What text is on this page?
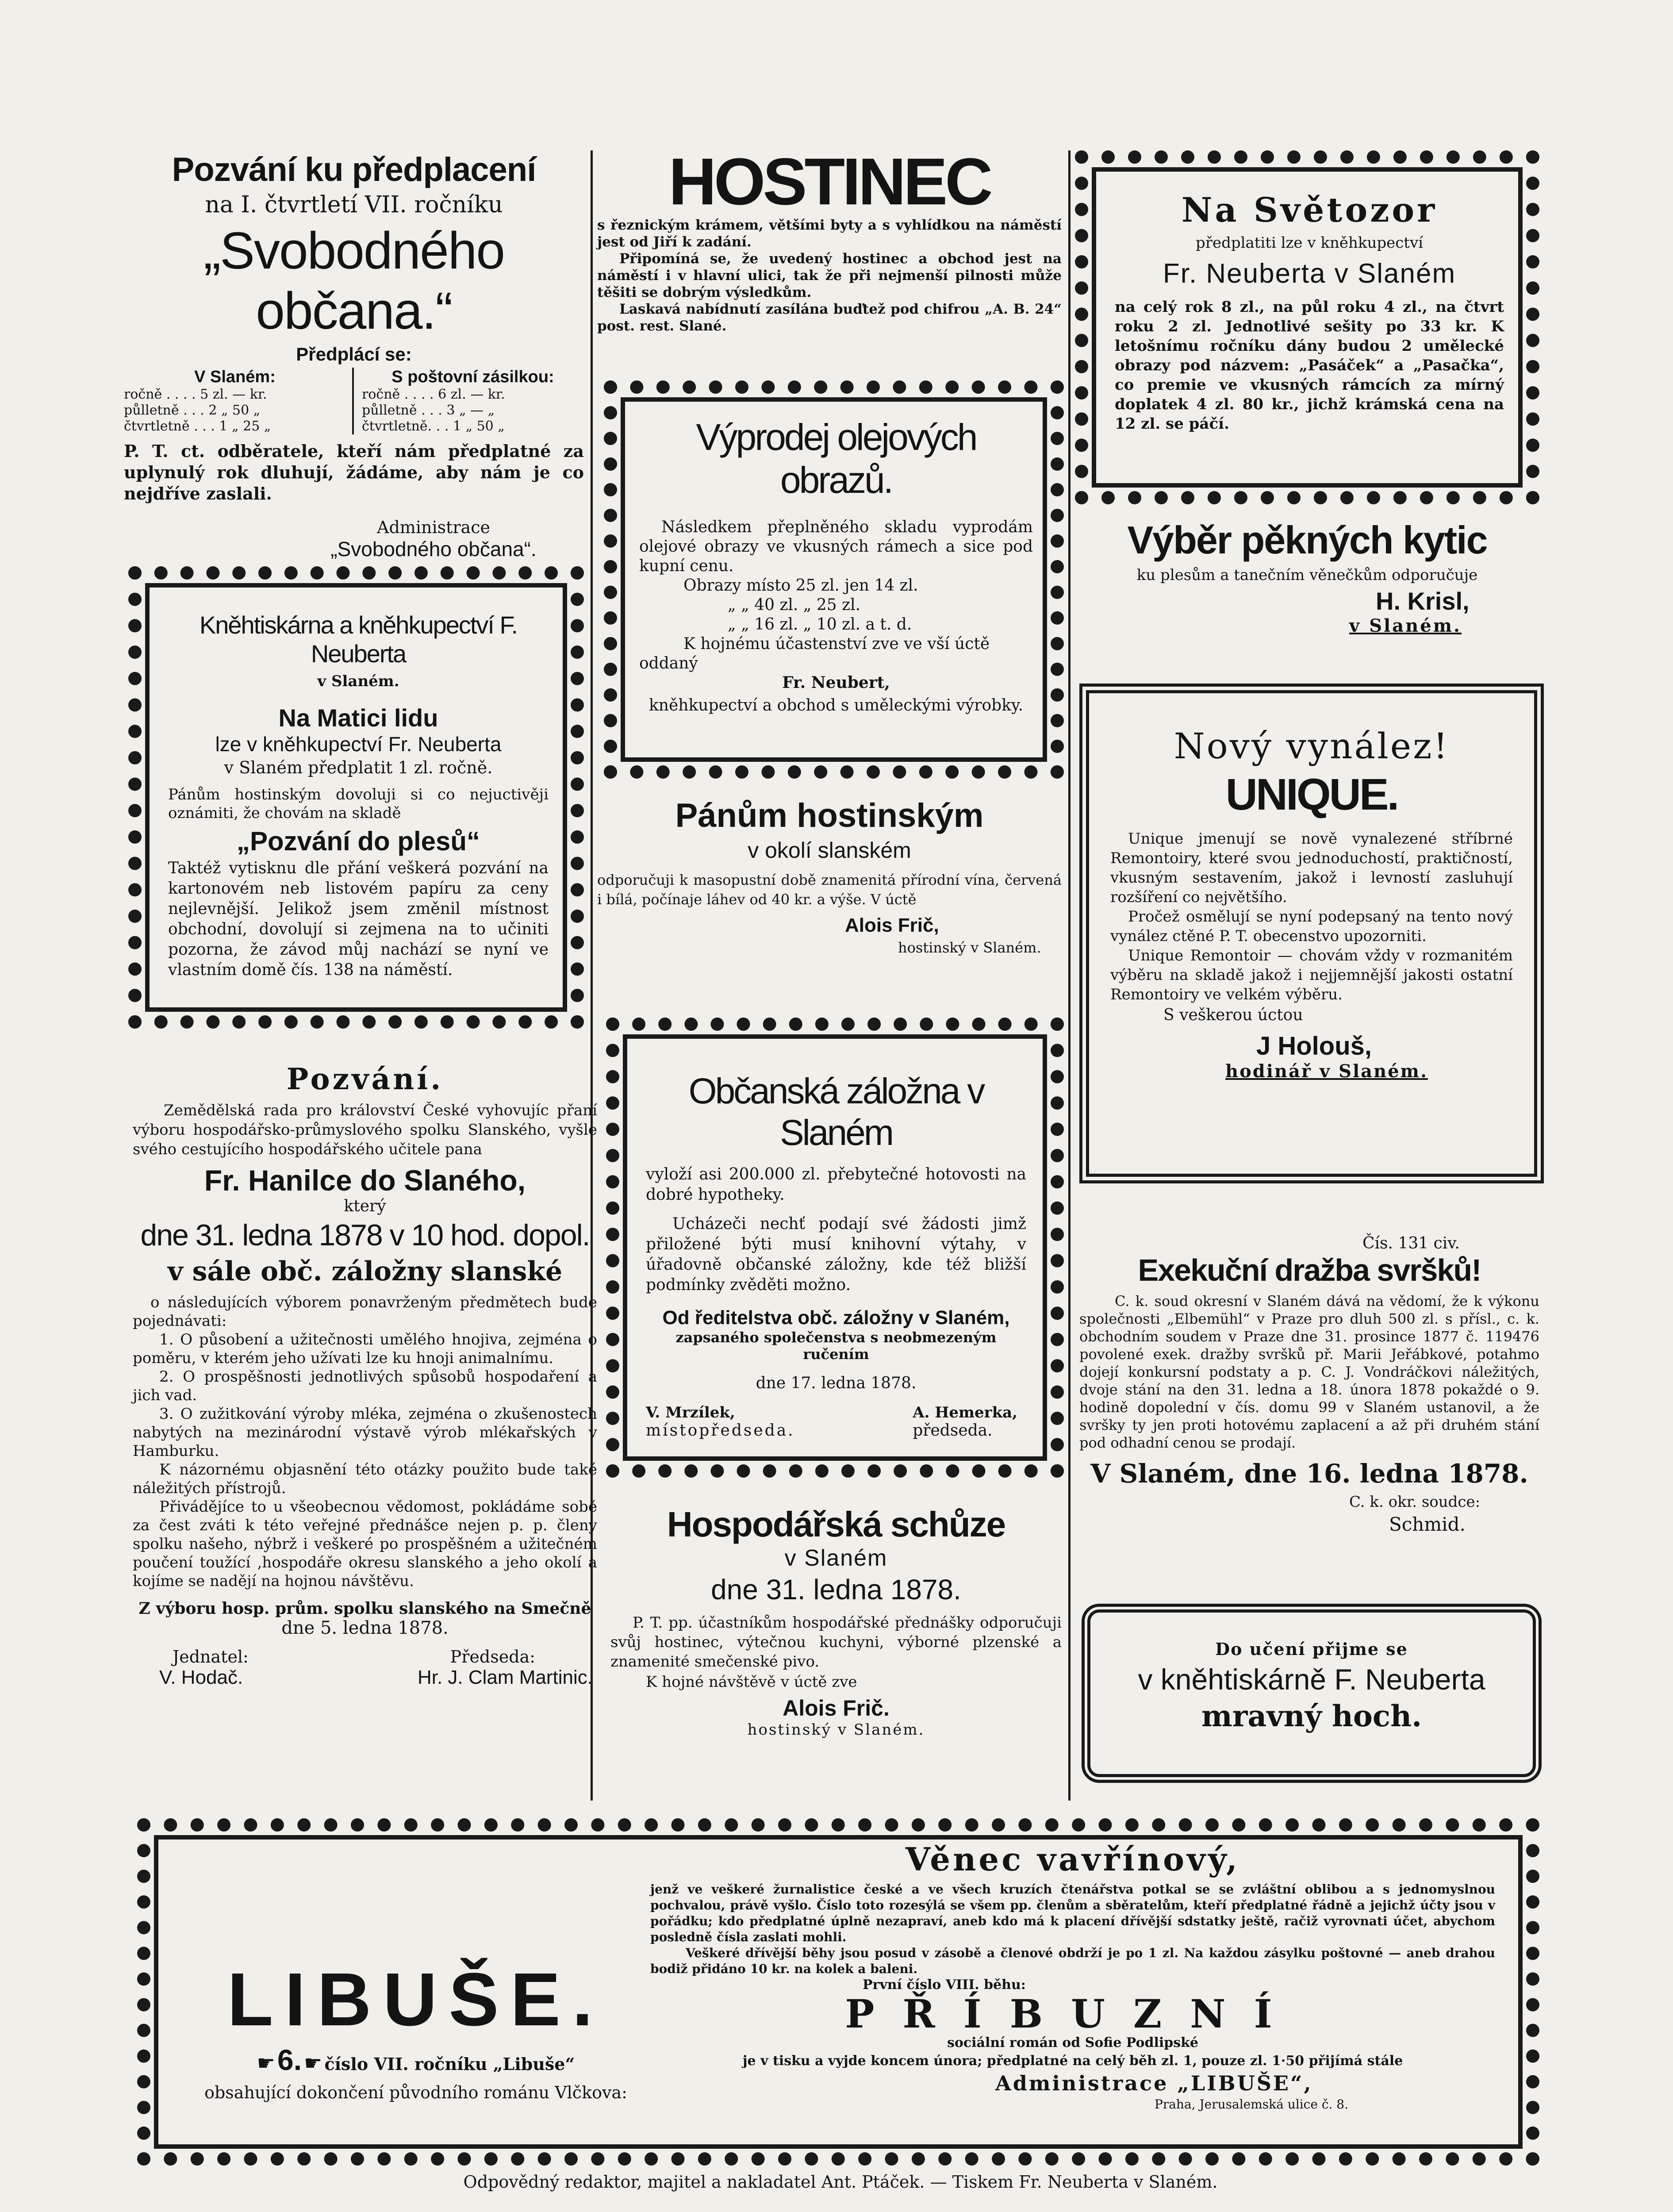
Pozvání ku předplacení
na I. čtvrtletí VII. ročníku
„Svobodného občana.“
Předplácí se:
V Slaném:
ročně . . . . 5 zl. — kr.
půlletně . . . 2 „ 50 „
čtvrtletně . . . 1 „ 25 „
S poštovní zásilkou:
ročně . . . . 6 zl. — kr.
půlletně . . . 3 „ — „
čtvrtletně. . . 1 „ 50 „

P. T. ct. odběratele, kteří nám předplatné za uplynulý rok dluhují, žádáme, aby nám je co nejdříve zaslali.

Administrace
„Svobodného občana“.
Kněhtiskárna a kněhkupectví F. Neuberta
v Slaném.
Na Matici lidu
lze v kněhkupectví Fr. Neuberta
v Slaném předplatit 1 zl. ročně.

Pánům hostinským dovoluji si co nejuctivěji oznámiti, že chovám na skladě

„Pozvání do plesů“

Taktéž vytisknu dle přání veškerá pozvání na kartonovém neb listovém papíru za ceny nejlevnější. Jelikož jsem změnil místnost obchodní, dovolují si zejmena na to učiniti pozorna, že závod můj nachází se nyní ve vlastním domě čís. 138 na náměstí.

Pozvání.

Zemědělská rada pro království České vyhovujíc přaní výboru hospodářsko-průmyslového spolku Slanského, vyšle svého cestujícího hospodářského učitele pana

Fr. Hanilce do Slaného,
který
dne 31. ledna 1878 v 10 hod. dopol.
v sále obč. záložny slanské

o následujících výborem ponavrženým předmětech bude pojednávati:

1. O působení a užitečnosti umělého hnojiva, zejména o poměru, v kterém jeho užívati lze ku hnoji animalnímu.

2. O prospěšnosti jednotlivých spůsobů hospodaření a jich vad.

3. O zužitkování výroby mléka, zejména o zkušenostech nabytých na mezinárodní výstavě výrob mlékařských v Hamburku.

K názornému objasnění této otázky použito bude také náležitých přístrojů.

Přivádějíce to u všeobecnou vědomost, pokládáme sobě za čest zváti k této veřejné přednášce nejen p. p. členy spolku našeho, nýbrž i veškeré po prospěšném a užitečném poučení toužící ,hospodáře okresu slanského a jeho okolí a kojíme se nadějí na hojnou návštěvu.

Z výboru hosp. prům. spolku slanského na Smečně
dne 5. ledna 1878.
Jednatel:	Předseda:
V. Hodač.	Hr. J. Clam Martinic.
HOSTINEC

s řeznickým krámem, většími byty a s vyhlídkou na náměstí jest od Jiří k zadání.

Připomíná se, že uvedený hostinec a obchod jest na náměstí i v hlavní ulici, tak že při nejmenší pilnosti může těšiti se dobrým výsledkům.

Laskavá nabídnutí zasílána buďtež pod chifrou „A. B. 24“ post. rest. Slané.

Výprodej olejových obrazů.

Následkem přeplněného skladu vyprodám olejové obrazy ve vkusných rámech a sice pod kupní cenu.

Obrazy místo 25 zl. jen 14 zl.
„ „ 40 zl. „ 25 zl.
„ „ 16 zl. „ 10 zl. a t. d.

K hojnému účastenství zve ve vší úctě oddaný

Fr. Neubert,
kněhkupectví a obchod s uměleckými výrobky.
Pánům hostinským
v okolí slanském

odporučuji k masopustní době znamenitá přírodní vína, červená i bílá, počínaje láhev od 40 kr. a výše. V úctě

Alois Frič,
hostinský v Slaném.
Občanská záložna v Slaném

vyloží asi 200.000 zl. přebytečné hotovosti na dobré hypotheky.

Ucházeči nechť podají své žádosti jimž přiložené býti musí knihovní výtahy, v úřadovně občanské záložny, kde též bližší podmínky zvěděti možno.

Od ředitelstva obč. záložny v Slaném,
zapsaného společenstva s neobmezeným ručením
dne 17. ledna 1878.
V. Mrzílek,
místopředseda.
A. Hemerka,
předseda.
Hospodářská schůze
v Slaném
dne 31. ledna 1878.

P. T. pp. účastníkům hospodářské přednášky odporučuji svůj hostinec, výtečnou kuchyni, výborné plzenské a znamenité smečenské pivo.

K hojné návštěvě v úctě zve
Alois Frič.
hostinský v Slaném.
Na Světozor
předplatiti lze v kněhkupectví
Fr. Neuberta v Slaném

na celý rok 8 zl., na půl roku 4 zl., na čtvrt roku 2 zl. Jednotlivé sešity po 33 kr. K letošnímu ročníku dány budou 2 umělecké obrazy pod názvem: „Pasáček“ a „Pasačka“, co premie ve vkusných rámcích za mírný doplatek 4 zl. 80 kr., jichž krámská cena na 12 zl. se páčí.

Výběr pěkných kytic
ku plesům a tanečním věnečkům odporučuje
H. Krisl,
v Slaném.
Nový vynález!
UNIQUE.

Unique jmenují se nově vynalezené stříbrné Remontoiry, které svou jednoduchostí, praktičností, vkusným sestavením, jakož i levností zasluhují rozšíření co největšího.

Pročež osmělují se nyní podepsaný na tento nový vynález ctěné P. T. obecenstvo upozorniti.

Unique Remontoir — chovám vždy v rozmanitém výběru na skladě jakož i nejjemnější jakosti ostatní Remontoiry ve velkém výběru.

S veškerou úctou
J Holouš,
hodinář v Slaném.
Čís. 131 civ.
Exekuční dražba svršků!

C. k. soud okresní v Slaném dává na vědomí, že k výkonu společnosti „Elbemühl“ v Praze pro dluh 500 zl. s přísl., c. k. obchodním soudem v Praze dne 31. prosince 1877 č. 119476 povolené exek. dražby svršků př. Marii Jeřábkové, potahmo dojejí konkursní podstaty a p. C. J. Vondráčkovi náležitých, dvoje stání na den 31. ledna a 18. února 1878 pokaždé o 9. hodině dopolední v čís. domu 99 v Slaném ustanovil, a že svršky ty jen proti hotovému zaplacení a až při druhém stání pod odhadní cenou se prodají.

V Slaném, dne 16. ledna 1878.
C. k. okr. soudce:
Schmid.
Do učení přijme se
v kněhtiskárně F. Neuberta
mravný hoch.
LIBUŠE.
☛ 6. ☛ číslo VII. ročníku „Libuše“
obsahující dokončení původního románu Vlčkova:
Věnec vavřínový,

jenž ve veškeré žurnalistice české a ve všech kruzích čtenářstva potkal se se zvláštní oblibou a s jednomyslnou pochvalou, právě vyšlo. Číslo toto rozesýlá se všem pp. členům a sběratelům, kteří předplatné řádně a jejichž účty jsou v pořádku; kdo předplatné úplně nezapraví, aneb kdo má k placení dřívější sdstatky ještě, račiž vyrovnati účet, abychom posledně čísla zaslati mohli.

Veškeré dřívější běhy jsou posud v zásobě a členové obdrží je po 1 zl. Na každou zásylku poštovné — aneb drahou bodiž přidáno 10 kr. na kolek a baleni.

První číslo VIII. běhu:
PŘÍBUZNÍ
sociální román od Sofie Podlipské
je v tisku a vyjde koncem února; předplatné na celý běh zl. 1, pouze zl. 1·50 přijímá stále
Administrace „LIBUŠE“,
Praha, Jerusalemská ulice č. 8.
Odpovědný redaktor, majitel a nakladatel Ant. Ptáček. — Tiskem Fr. Neuberta v Slaném.
